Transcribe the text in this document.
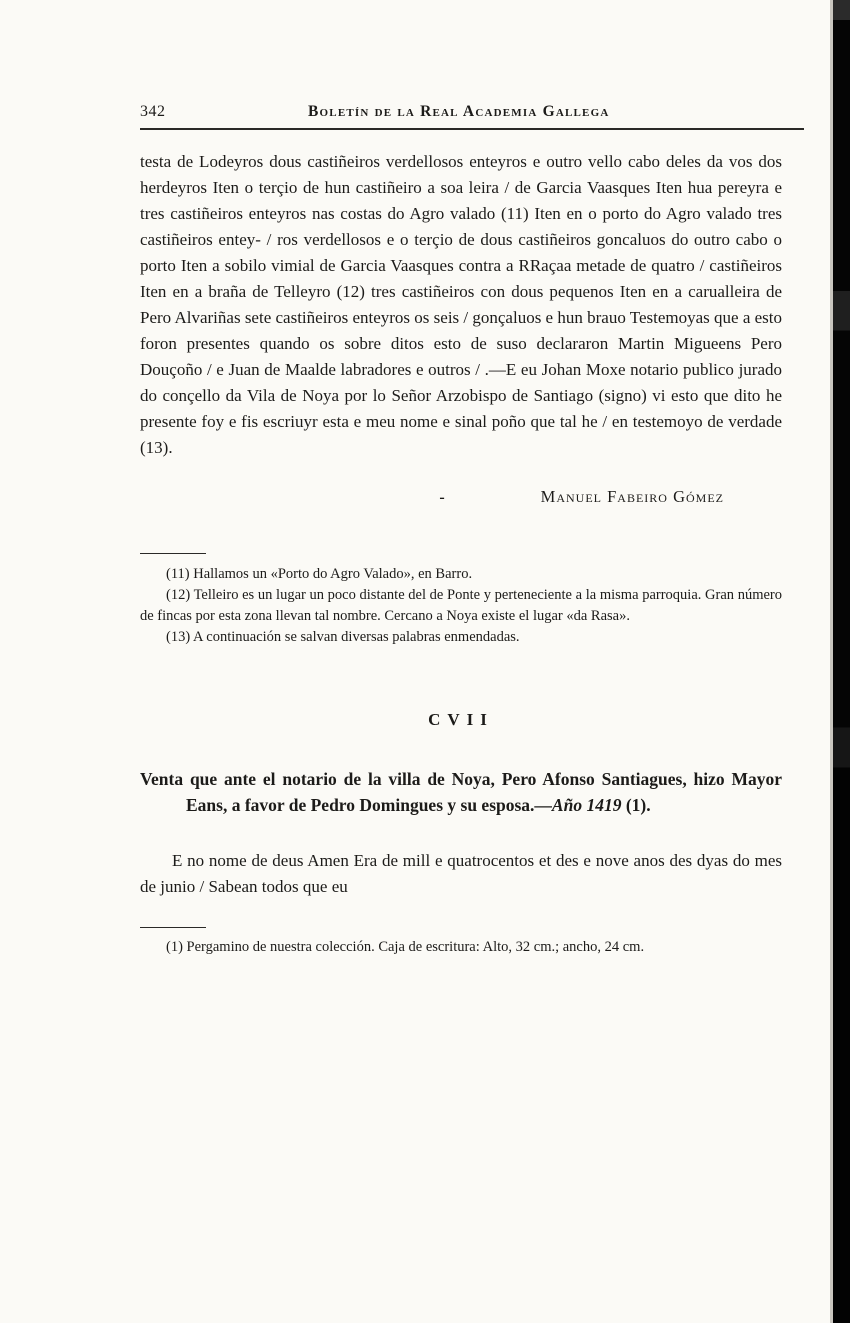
342	Boletín de la Real Academia Gallega

testa de Lodeyros dous castiñeiros verdellosos enteyros e outro vello cabo deles da vos dos herdeyros Iten o terçio de hun castiñeiro a soa leira / de Garcia Vaasques Iten hua pereyra e tres castiñeiros enteyros nas costas do Agro valado (11) Iten en o porto do Agro valado tres castiñeiros entey- / ros verdellosos e o terçio de dous castiñeiros goncaluos do outro cabo o porto Iten a sobilo vimial de Garcia Vaasques contra a RRaçaa metade de quatro / castiñeiros Iten en a braña de Telleyro (12) tres castiñeiros con dous pequenos Iten en a carualleira de Pero Alvariñas sete castiñeiros enteyros os seis / gonçaluos e hun brauo Testemoyas que a esto foron presentes quando os sobre ditos esto de suso declararon Martin Migueens Pero Douçoño / e Juan de Maalde labradores e outros / .—E eu Johan Moxe notario publico jurado do conçello da Vila de Noya por lo Señor Arzobispo de Santiago (signo) vi esto que dito he presente foy e fis escriuyr esta e meu nome e sinal poño que tal he / en testemoyo de verdade (13).

-	Manuel Fabeiro Gómez

(11) Hallamos un «Porto do Agro Valado», en Barro.

(12) Telleiro es un lugar un poco distante del de Ponte y perteneciente a la misma parroquia. Gran número de fincas por esta zona llevan tal nombre. Cercano a Noya existe el lugar «da Rasa».

(13) A continuación se salvan diversas palabras enmendadas.

CVII

Venta que ante el notario de la villa de Noya, Pero Afonso Santiagues, hizo Mayor Eans, a favor de Pedro Domingues y su esposa.—Año 1419 (1).

E no nome de deus Amen Era de mill e quatrocentos et des e nove anos des dyas do mes de junio / Sabean todos que eu

(1) Pergamino de nuestra colección. Caja de escritura: Alto, 32 cm.; ancho, 24 cm.
